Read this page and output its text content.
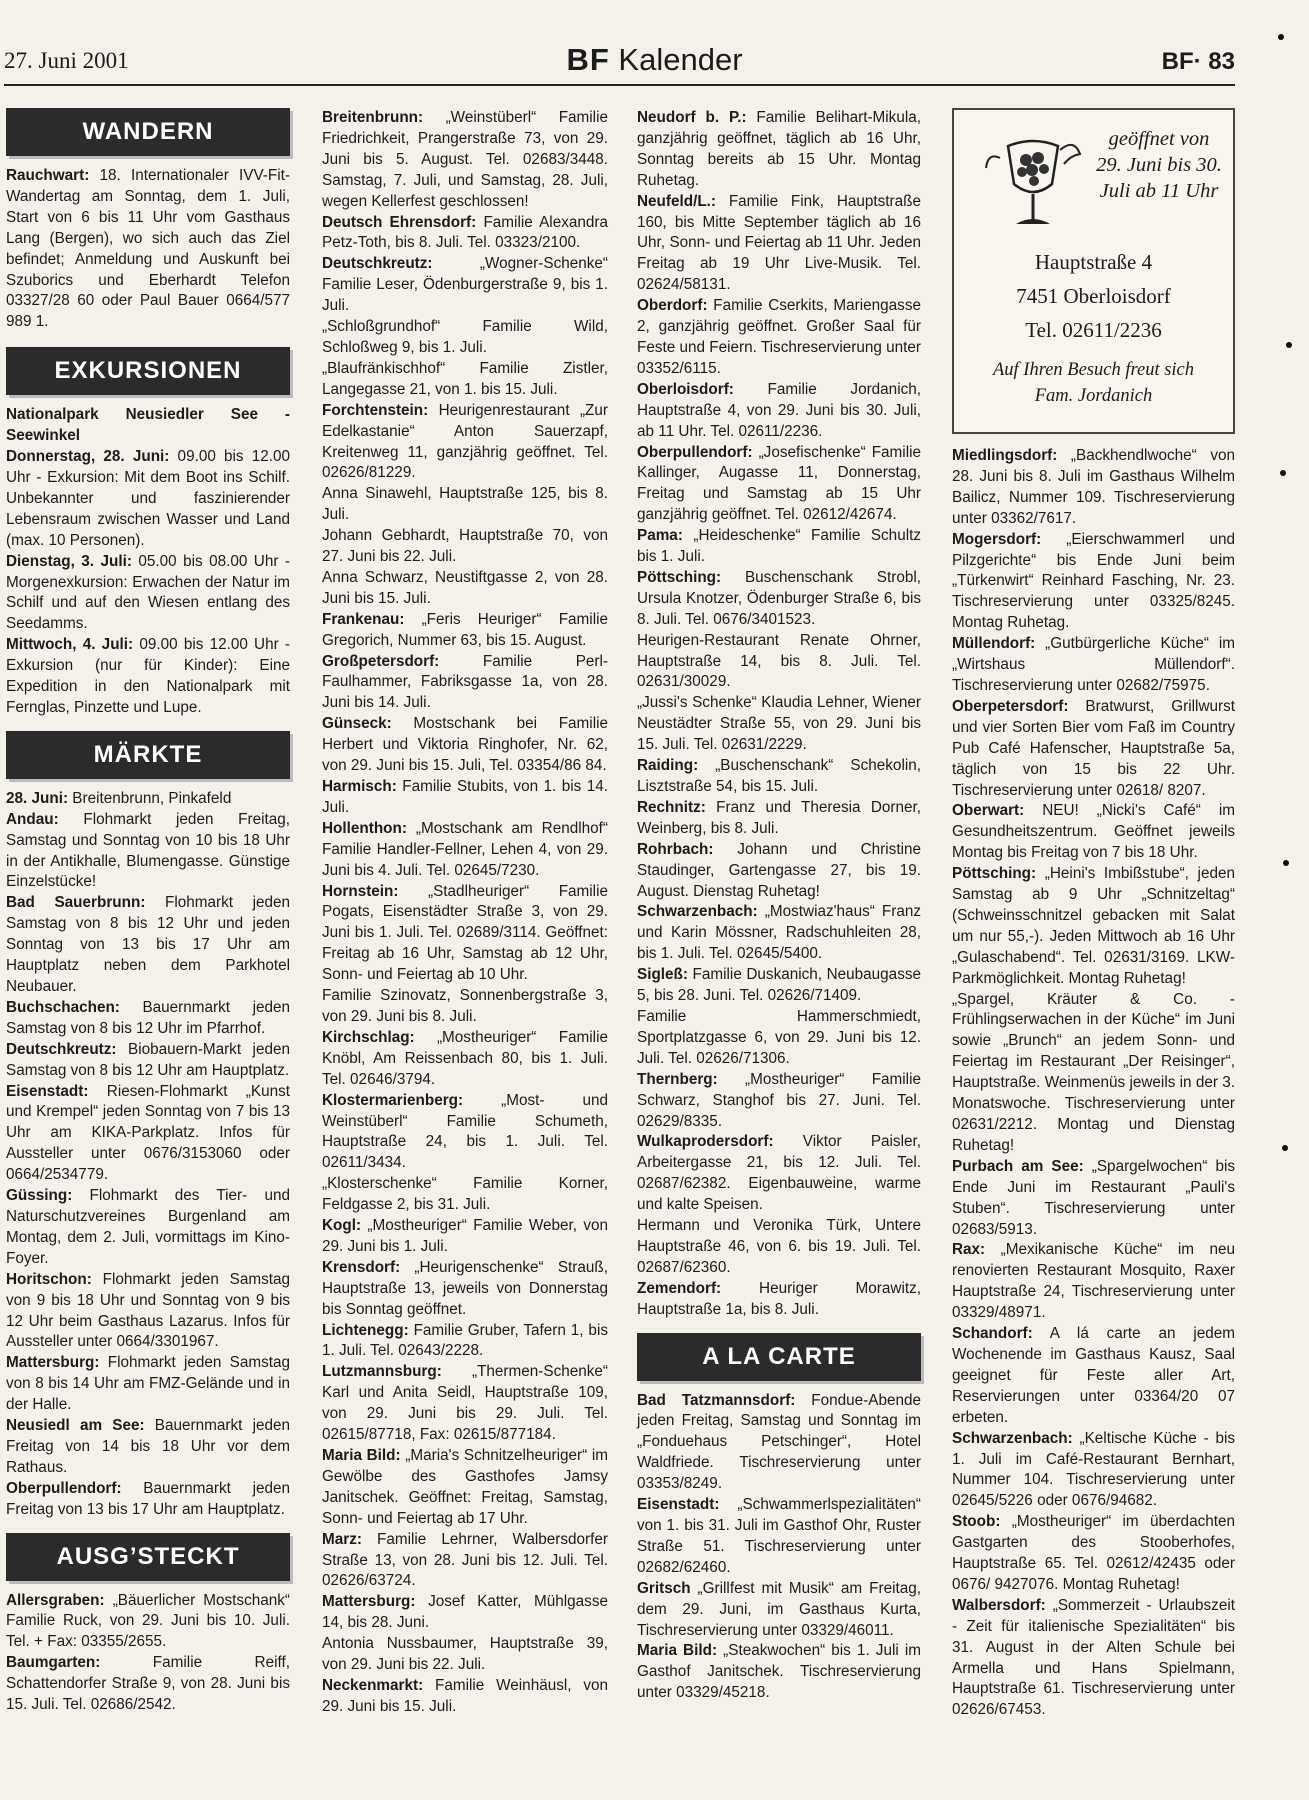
27. Juni 2001	BF Kalender	BF· 83
WANDERN

Rauchwart: 18. Internationaler IVV-Fit-Wandertag am Sonntag, dem 1. Juli, Start von 6 bis 11 Uhr vom Gasthaus Lang (Bergen), wo sich auch das Ziel befindet; Anmeldung und Auskunft bei Szuborics und Eberhardt Telefon 03327/28 60 oder Paul Bauer 0664/577 989 1.

EXKURSIONEN

Nationalpark Neusiedler See - Seewinkel

Donnerstag, 28. Juni: 09.00 bis 12.00 Uhr - Exkursion: Mit dem Boot ins Schilf. Unbekannter und faszinierender Lebensraum zwischen Wasser und Land (max. 10 Personen).

Dienstag, 3. Juli: 05.00 bis 08.00 Uhr - Morgenexkursion: Erwachen der Natur im Schilf und auf den Wiesen entlang des Seedamms.

Mittwoch, 4. Juli: 09.00 bis 12.00 Uhr - Exkursion (nur für Kinder): Eine Expedition in den Nationalpark mit Fernglas, Pinzette und Lupe.

MÄRKTE

28. Juni: Breitenbrunn, Pinkafeld

Andau: Flohmarkt jeden Freitag, Samstag und Sonntag von 10 bis 18 Uhr in der Antikhalle, Blumengasse. Günstige Einzelstücke!

Bad Sauerbrunn: Flohmarkt jeden Samstag von 8 bis 12 Uhr und jeden Sonntag von 13 bis 17 Uhr am Hauptplatz neben dem Parkhotel Neubauer.

Buchschachen: Bauernmarkt jeden Samstag von 8 bis 12 Uhr im Pfarrhof.

Deutschkreutz: Biobauern-Markt jeden Samstag von 8 bis 12 Uhr am Hauptplatz.

Eisenstadt: Riesen-Flohmarkt „Kunst und Krempel“ jeden Sonntag von 7 bis 13 Uhr am KIKA-Parkplatz. Infos für Aussteller unter 0676/3153060 oder 0664/2534779.

Güssing: Flohmarkt des Tier- und Naturschutzvereines Burgenland am Montag, dem 2. Juli, vormittags im Kino-Foyer.

Horitschon: Flohmarkt jeden Samstag von 9 bis 18 Uhr und Sonntag von 9 bis 12 Uhr beim Gasthaus Lazarus. Infos für Aussteller unter 0664/3301967.

Mattersburg: Flohmarkt jeden Samstag von 8 bis 14 Uhr am FMZ-Gelände und in der Halle.

Neusiedl am See: Bauernmarkt jeden Freitag von 14 bis 18 Uhr vor dem Rathaus.

Oberpullendorf: Bauernmarkt jeden Freitag von 13 bis 17 Uhr am Hauptplatz.

AUSG’STECKT

Allersgraben: „Bäuerlicher Mostschank“ Familie Ruck, von 29. Juni bis 10. Juli. Tel. + Fax: 03355/2655.

Baumgarten: Familie Reiff, Schattendorfer Straße 9, von 28. Juni bis 15. Juli. Tel. 02686/2542.

Breitenbrunn: „Weinstüberl“ Familie Friedrichkeit, Prangerstraße 73, von 29. Juni bis 5. August. Tel. 02683/3448. Samstag, 7. Juli, und Samstag, 28. Juli, wegen Kellerfest geschlossen!

Deutsch Ehrensdorf: Familie Alexandra Petz-Toth, bis 8. Juli. Tel. 03323/2100.

Deutschkreutz: „Wogner-Schenke“ Familie Leser, Ödenburgerstraße 9, bis 1. Juli.

„Schloßgrundhof“ Familie Wild, Schloßweg 9, bis 1. Juli.

„Blaufränkischhof“ Familie Zistler, Langegasse 21, von 1. bis 15. Juli.

Forchtenstein: Heurigenrestaurant „Zur Edelkastanie“ Anton Sauerzapf, Kreitenweg 11, ganzjährig geöffnet. Tel. 02626/81229.

Anna Sinawehl, Hauptstraße 125, bis 8. Juli.

Johann Gebhardt, Hauptstraße 70, von 27. Juni bis 22. Juli.

Anna Schwarz, Neustiftgasse 2, von 28. Juni bis 15. Juli.

Frankenau: „Feris Heuriger“ Familie Gregorich, Nummer 63, bis 15. August.

Großpetersdorf: Familie Perl-Faulhammer, Fabriksgasse 1a, von 28. Juni bis 14. Juli.

Günseck: Mostschank bei Familie Herbert und Viktoria Ringhofer, Nr. 62, von 29. Juni bis 15. Juli, Tel. 03354/86 84.

Harmisch: Familie Stubits, von 1. bis 14. Juli.

Hollenthon: „Mostschank am Rendlhof“ Familie Handler-Fellner, Lehen 4, von 29. Juni bis 4. Juli. Tel. 02645/7230.

Hornstein: „Stadlheuriger“ Familie Pogats, Eisenstädter Straße 3, von 29. Juni bis 1. Juli. Tel. 02689/3114. Geöffnet: Freitag ab 16 Uhr, Samstag ab 12 Uhr, Sonn- und Feiertag ab 10 Uhr.

Familie Szinovatz, Sonnenbergstraße 3, von 29. Juni bis 8. Juli.

Kirchschlag: „Mostheuriger“ Familie Knöbl, Am Reissenbach 80, bis 1. Juli. Tel. 02646/3794.

Klostermarienberg: „Most- und Weinstüberl“ Familie Schumeth, Hauptstraße 24, bis 1. Juli. Tel. 02611/3434.

„Klosterschenke“ Familie Korner, Feldgasse 2, bis 31. Juli.

Kogl: „Mostheuriger“ Familie Weber, von 29. Juni bis 1. Juli.

Krensdorf: „Heurigenschenke“ Strauß, Hauptstraße 13, jeweils von Donnerstag bis Sonntag geöffnet.

Lichtenegg: Familie Gruber, Tafern 1, bis 1. Juli. Tel. 02643/2228.

Lutzmannsburg: „Thermen-Schenke“ Karl und Anita Seidl, Hauptstraße 109, von 29. Juni bis 29. Juli. Tel. 02615/87718, Fax: 02615/877184.

Maria Bild: „Maria's Schnitzelheuriger“ im Gewölbe des Gasthofes Jamsy Janitschek. Geöffnet: Freitag, Samstag, Sonn- und Feiertag ab 17 Uhr.

Marz: Familie Lehrner, Walbersdorfer Straße 13, von 28. Juni bis 12. Juli. Tel. 02626/63724.

Mattersburg: Josef Katter, Mühlgasse 14, bis 28. Juni.

Antonia Nussbaumer, Hauptstraße 39, von 29. Juni bis 22. Juli.

Neckenmarkt: Familie Weinhäusl, von 29. Juni bis 15. Juli.

Neudorf b. P.: Familie Belihart-Mikula, ganzjährig geöffnet, täglich ab 16 Uhr, Sonntag bereits ab 15 Uhr. Montag Ruhetag.

Neufeld/L.: Familie Fink, Hauptstraße 160, bis Mitte September täglich ab 16 Uhr, Sonn- und Feiertag ab 11 Uhr. Jeden Freitag ab 19 Uhr Live-Musik. Tel. 02624/58131.

Oberdorf: Familie Cserkits, Mariengasse 2, ganzjährig geöffnet. Großer Saal für Feste und Feiern. Tischreservierung unter 03352/6115.

Oberloisdorf: Familie Jordanich, Hauptstraße 4, von 29. Juni bis 30. Juli, ab 11 Uhr. Tel. 02611/2236.

Oberpullendorf: „Josefischenke“ Familie Kallinger, Augasse 11, Donnerstag, Freitag und Samstag ab 15 Uhr ganzjährig geöffnet. Tel. 02612/42674.

Pama: „Heideschenke“ Familie Schultz bis 1. Juli.

Pöttsching: Buschenschank Strobl, Ursula Knotzer, Ödenburger Straße 6, bis 8. Juli. Tel. 0676/3401523.

Heurigen-Restaurant Renate Ohrner, Hauptstraße 14, bis 8. Juli. Tel. 02631/30029.

„Jussi's Schenke“ Klaudia Lehner, Wiener Neustädter Straße 55, von 29. Juni bis 15. Juli. Tel. 02631/2229.

Raiding: „Buschenschank“ Schekolin, Lisztstraße 54, bis 15. Juli.

Rechnitz: Franz und Theresia Dorner, Weinberg, bis 8. Juli.

Rohrbach: Johann und Christine Staudinger, Gartengasse 27, bis 19. August. Dienstag Ruhetag!

Schwarzenbach: „Mostwiaz'haus“ Franz und Karin Mössner, Radschuhleiten 28, bis 1. Juli. Tel. 02645/5400.

Sigleß: Familie Duskanich, Neubaugasse 5, bis 28. Juni. Tel. 02626/71409.

Familie Hammerschmiedt, Sportplatzgasse 6, von 29. Juni bis 12. Juli. Tel. 02626/71306.

Thernberg: „Mostheuriger“ Familie Schwarz, Stanghof bis 27. Juni. Tel. 02629/8335.

Wulkaprodersdorf: Viktor Paisler, Arbeitergasse 21, bis 12. Juli. Tel. 02687/62382. Eigenbauweine, warme und kalte Speisen.

Hermann und Veronika Türk, Untere Hauptstraße 46, von 6. bis 19. Juli. Tel. 02687/62360.

Zemendorf: Heuriger Morawitz, Hauptstraße 1a, bis 8. Juli.

A LA CARTE

Bad Tatzmannsdorf: Fondue-Abende jeden Freitag, Samstag und Sonntag im „Fonduehaus Petschinger“, Hotel Waldfriede. Tischreservierung unter 03353/8249.

Eisenstadt: „Schwammerlspezialitäten“ von 1. bis 31. Juli im Gasthof Ohr, Ruster Straße 51. Tischreservierung unter 02682/62460.

Gritsch „Grillfest mit Musik“ am Freitag, dem 29. Juni, im Gasthaus Kurta, Tischreservierung unter 03329/46011.

Maria Bild: „Steakwochen“ bis 1. Juli im Gasthof Janitschek. Tischreservierung unter 03329/45218.

geöffnet von 29. Juni bis 30. Juli ab 11 Uhr
Hauptstraße 4
7451 Oberloisdorf
Tel. 02611/2236
Auf Ihren Besuch freut sich
Fam. Jordanich

Miedlingsdorf: „Backhendlwoche“ von 28. Juni bis 8. Juli im Gasthaus Wilhelm Bailicz, Nummer 109. Tischreservierung unter 03362/7617.

Mogersdorf: „Eierschwammerl und Pilzgerichte“ bis Ende Juni beim „Türkenwirt“ Reinhard Fasching, Nr. 23. Tischreservierung unter 03325/8245. Montag Ruhetag.

Müllendorf: „Gutbürgerliche Küche“ im „Wirtshaus Müllendorf“. Tischreservierung unter 02682/75975.

Oberpetersdorf: Bratwurst, Grillwurst und vier Sorten Bier vom Faß im Country Pub Café Hafenscher, Hauptstraße 5a, täglich von 15 bis 22 Uhr. Tischreservierung unter 02618/ 8207.

Oberwart: NEU! „Nicki's Café“ im Gesundheitszentrum. Geöffnet jeweils Montag bis Freitag von 7 bis 18 Uhr.

Pöttsching: „Heini's Imbißstube“, jeden Samstag ab 9 Uhr „Schnitzeltag“ (Schweinsschnitzel gebacken mit Salat um nur 55,-). Jeden Mittwoch ab 16 Uhr „Gulaschabend“. Tel. 02631/3169. LKW-Parkmöglichkeit. Montag Ruhetag!

„Spargel, Kräuter & Co. - Frühlingserwachen in der Küche“ im Juni sowie „Brunch“ an jedem Sonn- und Feiertag im Restaurant „Der Reisinger“, Hauptstraße. Weinmenüs jeweils in der 3. Monatswoche. Tischreservierung unter 02631/2212. Montag und Dienstag Ruhetag!

Purbach am See: „Spargelwochen“ bis Ende Juni im Restaurant „Pauli's Stuben“. Tischreservierung unter 02683/5913.

Rax: „Mexikanische Küche“ im neu renovierten Restaurant Mosquito, Raxer Hauptstraße 24, Tischreservierung unter 03329/48971.

Schandorf: A lá carte an jedem Wochenende im Gasthaus Kausz, Saal geeignet für Feste aller Art, Reservierungen unter 03364/20 07 erbeten.

Schwarzenbach: „Keltische Küche - bis 1. Juli im Café-Restaurant Bernhart, Nummer 104. Tischreservierung unter 02645/5226 oder 0676/94682.

Stoob: „Mostheuriger“ im überdachten Gastgarten des Stooberhofes, Hauptstraße 65. Tel. 02612/42435 oder 0676/ 9427076. Montag Ruhetag!

Walbersdorf: „Sommerzeit - Urlaubszeit - Zeit für italienische Spezialitäten“ bis 31. August in der Alten Schule bei Armella und Hans Spielmann, Hauptstraße 61. Tischreservierung unter 02626/67453.
